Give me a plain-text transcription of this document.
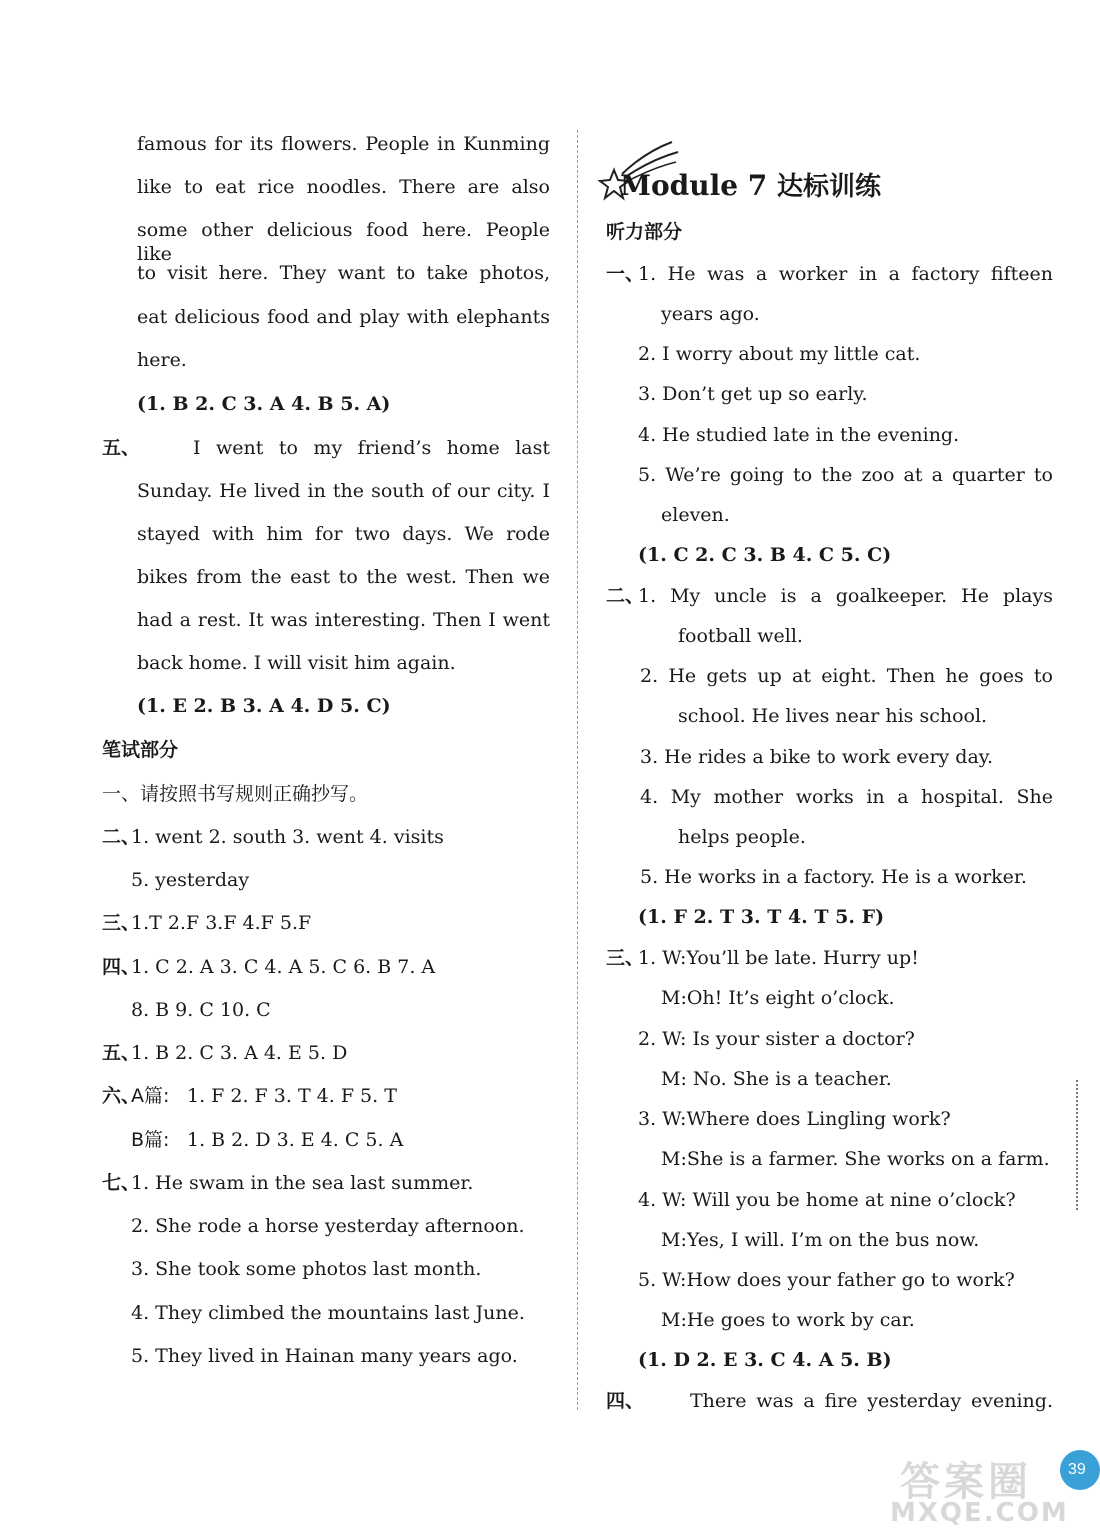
famous for its flowers. People in Kunming
like to eat rice noodles. There are also
some other delicious food here. People like
to visit here. They want to take photos,
eat delicious food and play with elephants
here.
(1. B 2. C 3. A 4. B 5. A)
五、	I went to my friend’s home last
Sunday. He lived in the south of our city. I
stayed with him for two days. We rode
bikes from the east to the west. Then we
had a rest. It was interesting. Then I went
back home. I will visit him again.
(1. E 2. B 3. A 4. D 5. C)
笔试部分
一、请按照书写规则正确抄写。
二、
1. went 2. south 3. went 4. visits
5. yesterday
三、
1.T 2.F 3.F 4.F 5.F
四、
1. C 2. A 3. C 4. A 5. C 6. B 7. A
8. B 9. C 10. C
五、
1. B 2. C 3. A 4. E 5. D
六、
A篇: 1. F 2. F 3. T 4. F 5. T
B篇: 1. B 2. D 3. E 4. C 5. A
七、
1. He swam in the sea last summer.
2. She rode a horse yesterday afternoon.
3. She took some photos last month.
4. They climbed the mountains last June.
5. They lived in Hainan many years ago.
Module 7 达标训练
听力部分
一、
1. He was a worker in a factory fifteen
years ago.
2. I worry about my little cat.
3. Don’t get up so early.
4. He studied late in the evening.
5. We’re going to the zoo at a quarter to
eleven.
(1. C 2. C 3. B 4. C 5. C)
二、
1. My uncle is a goalkeeper. He plays
football well.
2. He gets up at eight. Then he goes to
school. He lives near his school.
3. He rides a bike to work every day.
4. My mother works in a hospital. She
helps people.
5. He works in a factory. He is a worker.
(1. F 2. T 3. T 4. T 5. F)
三、
1. W:You’ll be late. Hurry up!
M:Oh! It’s eight o’clock.
2. W: Is your sister a doctor?
M: No. She is a teacher.
3. W:Where does Lingling work?
M:She is a farmer. She works on a farm.
4. W: Will you be home at nine o’clock?
M:Yes, I will. I’m on the bus now.
5. W:How does your father go to work?
M:He goes to work by car.
(1. D 2. E 3. C 4. A 5. B)
四、 There was a fire yesterday evening.
答案圈
MXQE.COM
39
